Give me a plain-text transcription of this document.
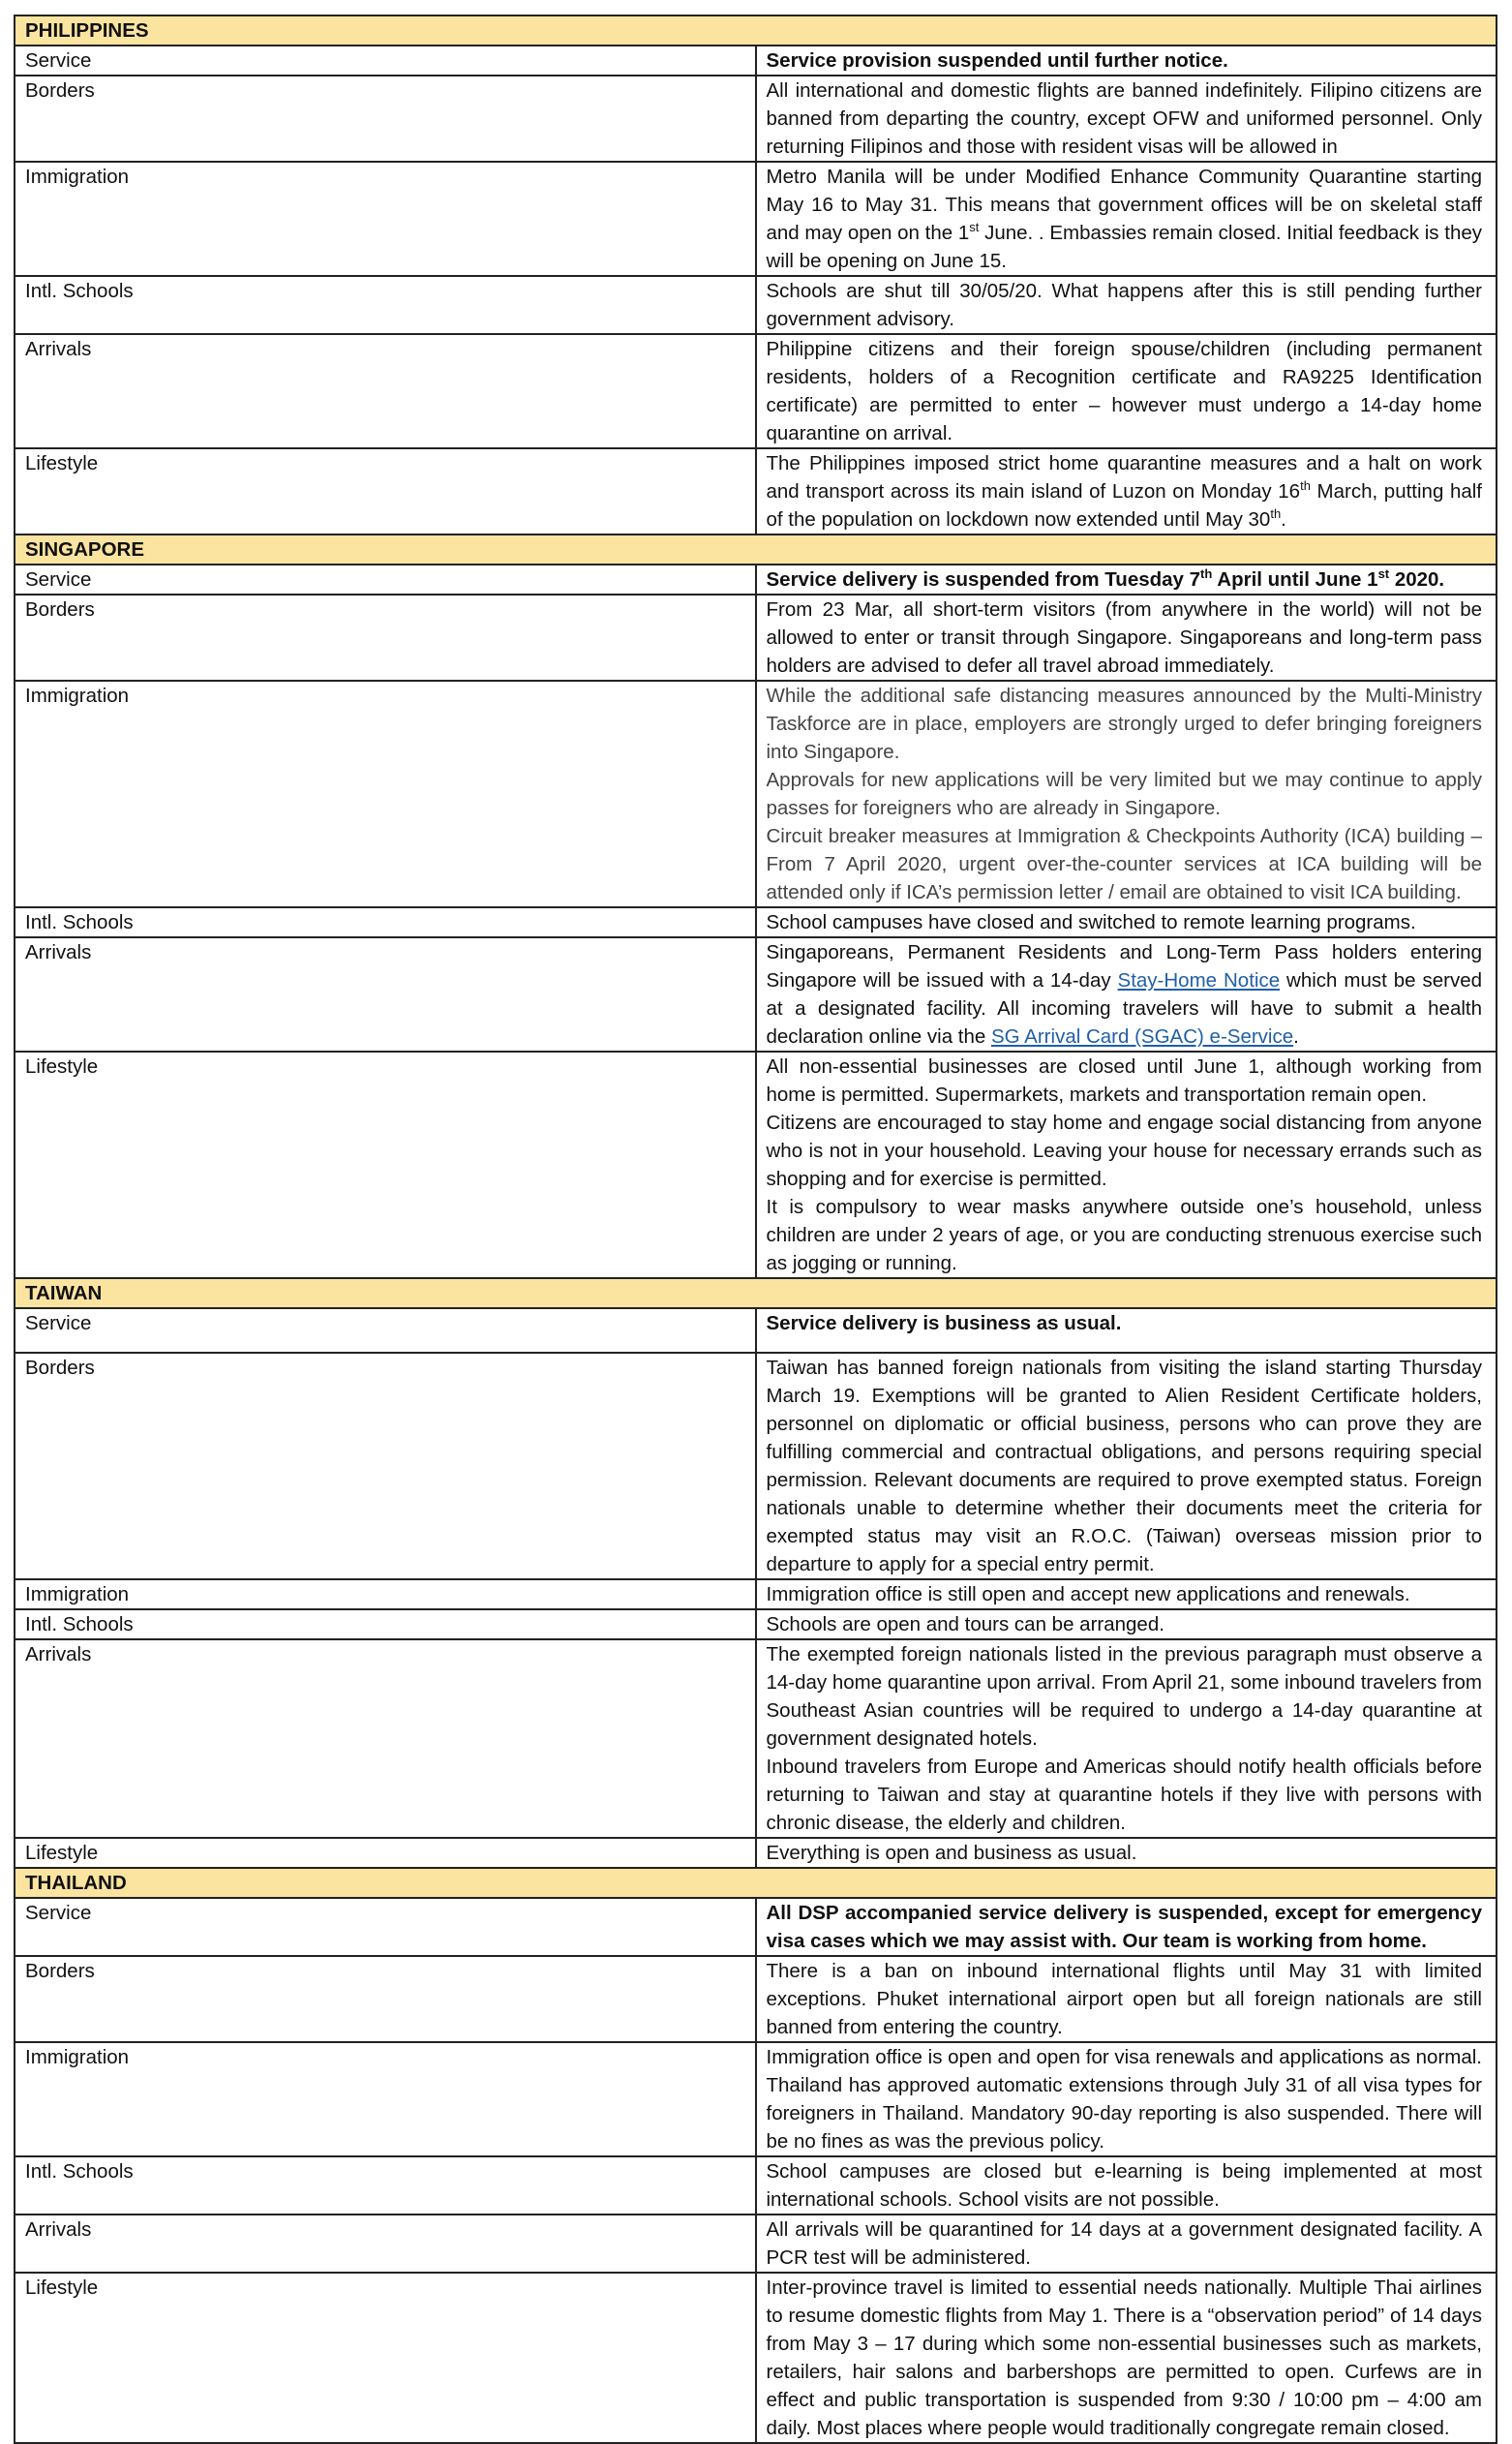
PHILIPPINES	
Service	Service provision suspended until further notice.

Borders	All international and domestic flights are banned indefinitely. Filipino citizens are banned from departing the country, except OFW and uniformed personnel. Only returning Filipinos and those with resident visas will be allowed in

Immigration	Metro Manila will be under Modified Enhance Community Quarantine starting May 16 to May 31. This means that government offices will be on skeletal staff and may open on the 1st June. . Embassies remain closed. Initial feedback is they will be opening on June 15.

Intl. Schools	Schools are shut till 30/05/20. What happens after this is still pending further government advisory.

Arrivals	Philippine citizens and their foreign spouse/children (including permanent residents, holders of a Recognition certificate and RA9225 Identification certificate) are permitted to enter – however must undergo a 14-day home quarantine on arrival.

Lifestyle	The Philippines imposed strict home quarantine measures and a halt on work and transport across its main island of Luzon on Monday 16th March, putting half of the population on lockdown now extended until May 30th.

SINGAPORE	
Service	Service delivery is suspended from Tuesday 7th April until June 1st 2020.

Borders	From 23 Mar, all short-term visitors (from anywhere in the world) will not be allowed to enter or transit through Singapore. Singaporeans and long-term pass holders are advised to defer all travel abroad immediately.

Immigration	While the additional safe distancing measures announced by the Multi-Ministry Taskforce are in place, employers are strongly urged to defer bringing foreigners into Singapore.

Approvals for new applications will be very limited but we may continue to apply passes for foreigners who are already in Singapore.

Circuit breaker measures at Immigration & Checkpoints Authority (ICA) building – From 7 April 2020, urgent over-the-counter services at ICA building will be attended only if ICA’s permission letter / email are obtained to visit ICA building.

Intl. Schools	School campuses have closed and switched to remote learning programs.

Arrivals	Singaporeans, Permanent Residents and Long-Term Pass holders entering Singapore will be issued with a 14-day Stay-Home Notice which must be served at a designated facility. All incoming travelers will have to submit a health declaration online via the SG Arrival Card (SGAC) e-Service.

Lifestyle	All non-essential businesses are closed until June 1, although working from home is permitted. Supermarkets, markets and transportation remain open.

Citizens are encouraged to stay home and engage social distancing from anyone who is not in your household. Leaving your house for necessary errands such as shopping and for exercise is permitted.

It is compulsory to wear masks anywhere outside one’s household, unless children are under 2 years of age, or you are conducting strenuous exercise such as jogging or running.

TAIWAN	
Service	Service delivery is business as usual.

Borders	Taiwan has banned foreign nationals from visiting the island starting Thursday March 19. Exemptions will be granted to Alien Resident Certificate holders, personnel on diplomatic or official business, persons who can prove they are fulfilling commercial and contractual obligations, and persons requiring special permission. Relevant documents are required to prove exempted status. Foreign nationals unable to determine whether their documents meet the criteria for exempted status may visit an R.O.C. (Taiwan) overseas mission prior to departure to apply for a special entry permit.

Immigration	Immigration office is still open and accept new applications and renewals.

Intl. Schools	Schools are open and tours can be arranged.

Arrivals	The exempted foreign nationals listed in the previous paragraph must observe a 14-day home quarantine upon arrival. From April 21, some inbound travelers from Southeast Asian countries will be required to undergo a 14-day quarantine at government designated hotels.

Inbound travelers from Europe and Americas should notify health officials before returning to Taiwan and stay at quarantine hotels if they live with persons with chronic disease, the elderly and children.

Lifestyle	Everything is open and business as usual.

THAILAND	
Service	All DSP accompanied service delivery is suspended, except for emergency visa cases which we may assist with. Our team is working from home.

Borders	There is a ban on inbound international flights until May 31 with limited exceptions. Phuket international airport open but all foreign nationals are still banned from entering the country.

Immigration	Immigration office is open and open for visa renewals and applications as normal. Thailand has approved automatic extensions through July 31 of all visa types for foreigners in Thailand. Mandatory 90-day reporting is also suspended. There will be no fines as was the previous policy.

Intl. Schools	School campuses are closed but e-learning is being implemented at most international schools. School visits are not possible.

Arrivals	All arrivals will be quarantined for 14 days at a government designated facility. A PCR test will be administered.

Lifestyle	Inter-province travel is limited to essential needs nationally. Multiple Thai airlines to resume domestic flights from May 1. There is a “observation period” of 14 days from May 3 – 17 during which some non-essential businesses such as markets, retailers, hair salons and barbershops are permitted to open. Curfews are in effect and public transportation is suspended from 9:30 / 10:00 pm – 4:00 am daily. Most places where people would traditionally congregate remain closed.
